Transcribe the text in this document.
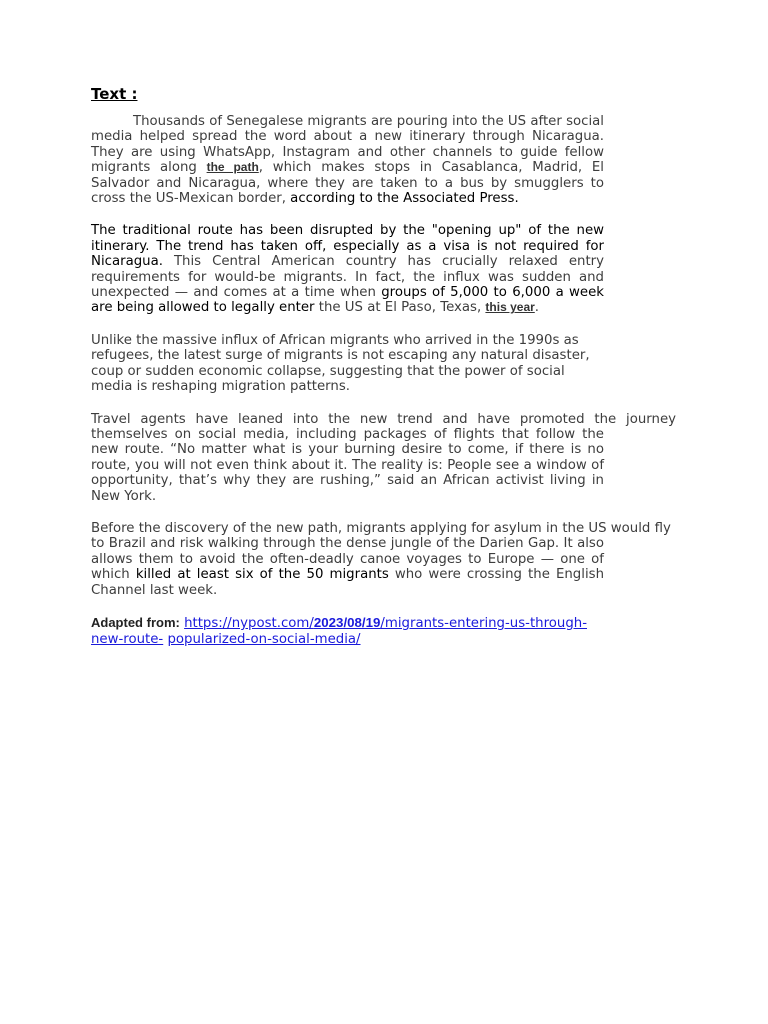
Text :

Thousands of Senegalese migrants are pouring into the US after social media helped spread the word about a new itinerary through Nicaragua. They are using WhatsApp, Instagram and other channels to guide fellow migrants along the path, which makes stops in Casablanca, Madrid, El Salvador and Nicaragua, where they are taken to a bus by smugglers to cross the US-Mexican border, according to the Associated Press.

The traditional route has been disrupted by the "opening up" of the new itinerary. The trend has taken off, especially as a visa is not required for Nicaragua. This Central American country has crucially relaxed entry requirements for would-be migrants. In fact, the influx was sudden and unexpected — and comes at a time when groups of 5,000 to 6,000 a week are being allowed to legally enter the US at El Paso, Texas, this year.

Unlike the massive influx of African migrants who arrived in the 1990s as refugees, the latest surge of migrants is not escaping any natural disaster, coup or sudden economic collapse, suggesting that the power of social media is reshaping migration patterns.

Travel agents have leaned into the new trend and have promoted the journey
themselves on social media, including packages of flights that follow the new route. “No matter what is your burning desire to come, if there is no route, you will not even think about it. The reality is: People see a window of opportunity, that’s why they are rushing,” said an African activist living in New York.
Before the discovery of the new path, migrants applying for asylum in the US would fly
to Brazil and risk walking through the dense jungle of the Darien Gap. It also allows them to avoid the often-deadly canoe voyages to Europe — one of which killed at least six of the 50 migrants who were crossing the English Channel last week.

Adapted from: https://nypost.com/2023/08/19/migrants-entering-us-through-new-route- popularized-on-social-media/
